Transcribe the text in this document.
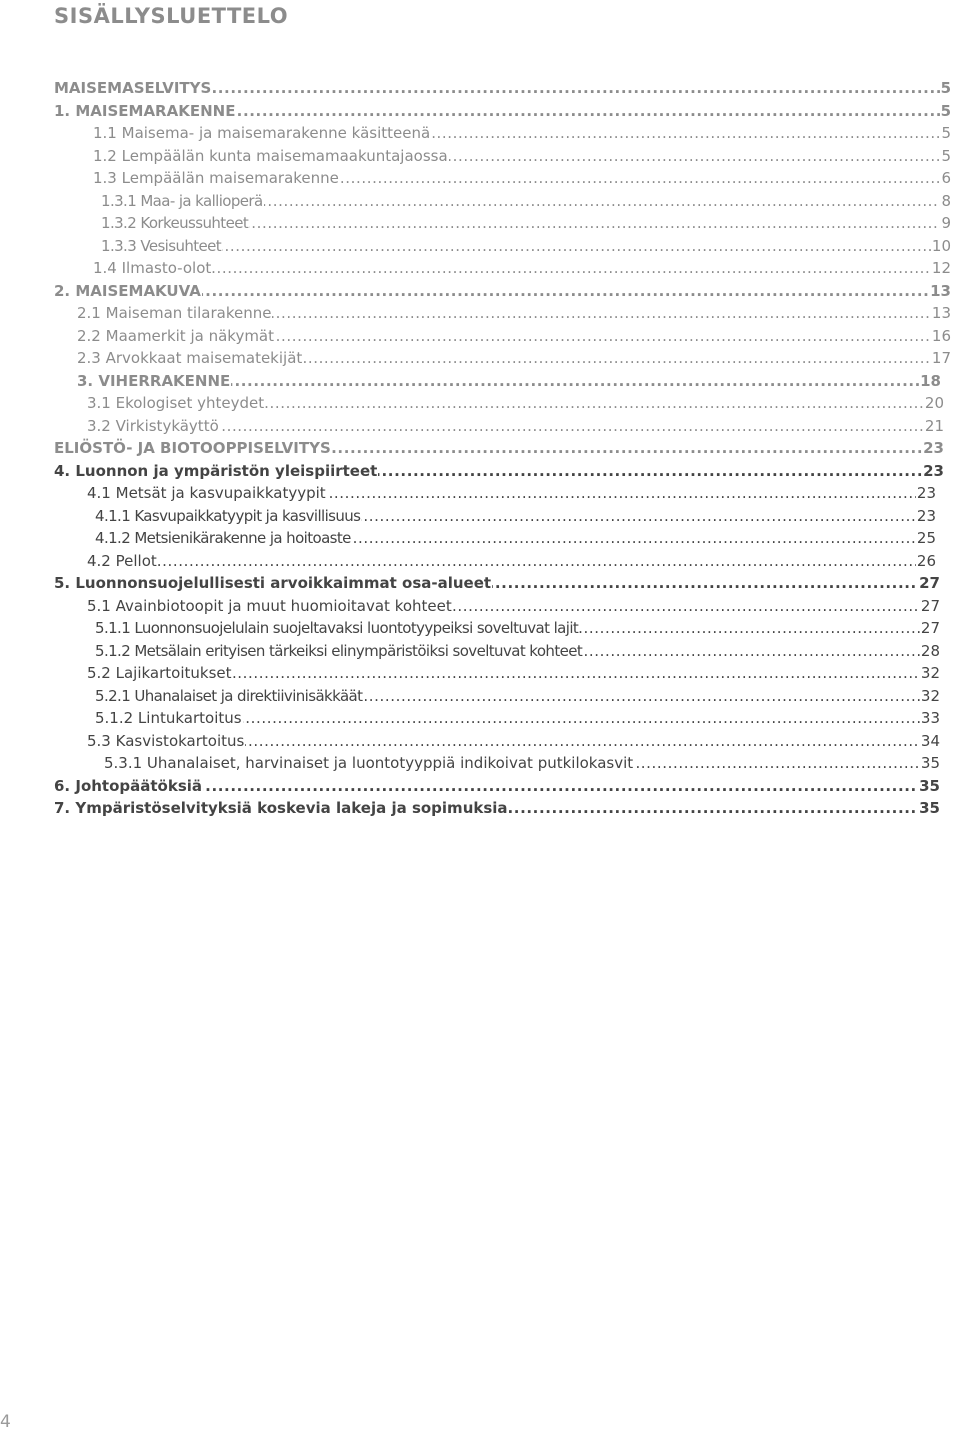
SISÄLLYSLUETTELO
.....
MAISEMASELVITYS	5
.....
1. MAISEMARAKENNE	5
.....
1.1 Maisema- ja maisemarakenne käsitteenä	5
.....
1.2 Lempäälän kunta maisemamaakuntajaossa	5
.....
1.3 Lempäälän maisemarakenne	6
.....
1.3.1 Maa- ja kallioperä	8
.....
1.3.2 Korkeussuhteet	9
.....
1.3.3 Vesisuhteet	10
.....
1.4 Ilmasto-olot	12
.....
2. MAISEMAKUVA	13
.....
2.1 Maiseman tilarakenne	13
.....
2.2 Maamerkit ja näkymät	16
.....
2.3 Arvokkaat maisematekijät	17
.....
3. VIHERRAKENNE	18
.....
3.1 Ekologiset yhteydet	20
.....
3.2 Virkistykäyttö	21
.....
ELIÖSTÖ- JA BIOTOOPPISELVITYS	23
.....
4. Luonnon ja ympäristön yleispiirteet	23
.....
4.1 Metsät ja kasvupaikkatyypit	23
.....
4.1.1 Kasvupaikkatyypit ja kasvillisuus	23
.....
4.1.2 Metsienikärakenne ja hoitoaste	25
.....
4.2 Pellot	26
.....
5. Luonnonsuojelullisesti arvoikkaimmat osa-alueet	27
.....
5.1 Avainbiotoopit ja muut huomioitavat kohteet	27
.....
5.1.1 Luonnonsuojelulain suojeltavaksi luontotyypeiksi soveltuvat lajit	27
.....
5.1.2 Metsälain erityisen tärkeiksi elinympäristöiksi soveltuvat kohteet	28
.....
5.2 Lajikartoitukset	32
.....
5.2.1 Uhanalaiset ja direktiivinisäkkäät	32
.....
5.1.2 Lintukartoitus	33
.....
5.3 Kasvistokartoitus	34
.....
5.3.1 Uhanalaiset, harvinaiset ja luontotyyppiä indikoivat putkilokasvit	35
.....
6. Johtopäätöksiä	35
.....
7. Ympäristöselvityksiä koskevia lakeja ja sopimuksia	35
4
